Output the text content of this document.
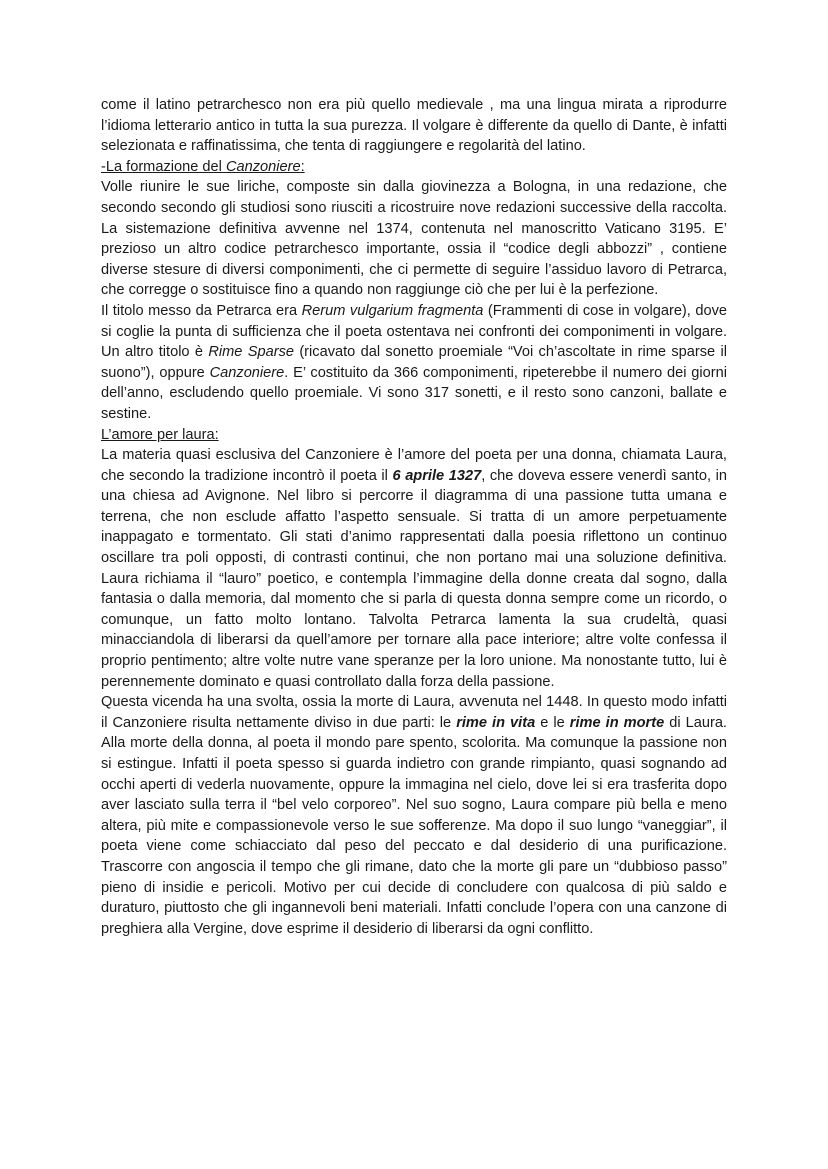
come il latino petrarchesco non era più quello medievale , ma una lingua mirata a riprodurre l’idioma letterario antico in tutta la sua purezza. Il volgare è differente da quello di Dante, è infatti selezionata e raffinatissima, che tenta di raggiungere e regolarità del latino.

-La formazione del Canzoniere:

Volle riunire le sue liriche, composte sin dalla giovinezza a Bologna, in una redazione, che secondo secondo gli studiosi sono riusciti a ricostruire nove redazioni successive della raccolta. La sistemazione definitiva avvenne nel 1374, contenuta nel manoscritto Vaticano 3195. E’ prezioso un altro codice petrarchesco importante, ossia il “codice degli abbozzi” , contiene diverse stesure di diversi componimenti, che ci permette di seguire l’assiduo lavoro di Petrarca, che corregge o sostituisce fino a quando non raggiunge ciò che per lui è la perfezione.

Il titolo messo da Petrarca era Rerum vulgarium fragmenta (Frammenti di cose in volgare), dove si coglie la punta di sufficienza che il poeta ostentava nei confronti dei componimenti in volgare. Un altro titolo è Rime Sparse (ricavato dal sonetto proemiale “Voi ch’ascoltate in rime sparse il suono”), oppure Canzoniere. E’ costituito da 366 componimenti, ripeterebbe il numero dei giorni dell’anno, escludendo quello proemiale. Vi sono 317 sonetti, e il resto sono canzoni, ballate e sestine.

L’amore per laura:

La materia quasi esclusiva del Canzoniere è l’amore del poeta per una donna, chiamata Laura, che secondo la tradizione incontrò il poeta il 6 aprile 1327, che doveva essere venerdì santo, in una chiesa ad Avignone. Nel libro si percorre il diagramma di una passione tutta umana e terrena, che non esclude affatto l’aspetto sensuale. Si tratta di un amore perpetuamente inappagato e tormentato. Gli stati d’animo rappresentati dalla poesia riflettono un continuo oscillare tra poli opposti, di contrasti continui, che non portano mai una soluzione definitiva. Laura richiama il “lauro” poetico, e contempla l’immagine della donne creata dal sogno, dalla fantasia o dalla memoria, dal momento che si parla di questa donna sempre come un ricordo, o comunque, un fatto molto lontano. Talvolta Petrarca lamenta la sua crudeltà, quasi minacciandola di liberarsi da quell’amore per tornare alla pace interiore; altre volte confessa il proprio pentimento; altre volte nutre vane speranze per la loro unione. Ma nonostante tutto, lui è perennemente dominato e quasi controllato dalla forza della passione.

Questa vicenda ha una svolta, ossia la morte di Laura, avvenuta nel 1448. In questo modo infatti il Canzoniere risulta nettamente diviso in due parti: le rime in vita e le rime in morte di Laura. Alla morte della donna, al poeta il mondo pare spento, scolorita. Ma comunque la passione non si estingue. Infatti il poeta spesso si guarda indietro con grande rimpianto, quasi sognando ad occhi aperti di vederla nuovamente, oppure la immagina nel cielo, dove lei si era trasferita dopo aver lasciato sulla terra il “bel velo corporeo”. Nel suo sogno, Laura compare più bella e meno altera, più mite e compassionevole verso le sue sofferenze. Ma dopo il suo lungo “vaneggiar”, il poeta viene come schiacciato dal peso del peccato e dal desiderio di una purificazione. Trascorre con angoscia il tempo che gli rimane, dato che la morte gli pare un “dubbioso passo” pieno di insidie e pericoli. Motivo per cui decide di concludere con qualcosa di più saldo e duraturo, piuttosto che gli ingannevoli beni materiali. Infatti conclude l’opera con una canzone di preghiera alla Vergine, dove esprime il desiderio di liberarsi da ogni conflitto.
